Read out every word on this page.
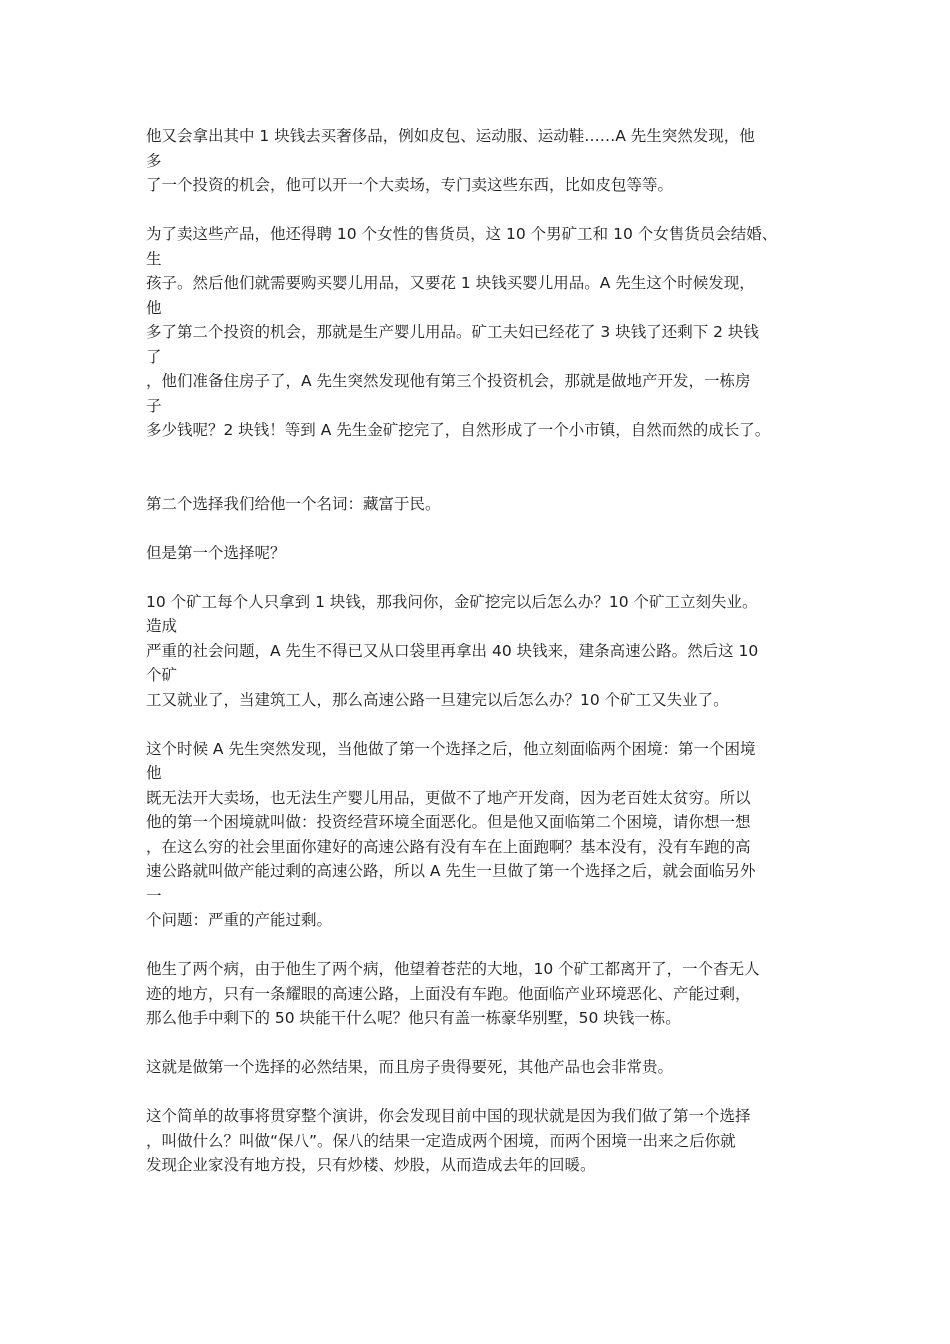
他又会拿出其中 1 块钱去买奢侈品，例如皮包、运动服、运动鞋……A 先生突然发现，他
多
了一个投资的机会，他可以开一个大卖场，专门卖这些东西，比如皮包等等。
为了卖这些产品，他还得聘 10 个女性的售货员，这 10 个男矿工和 10 个女售货员会结婚、
生
孩子。然后他们就需要购买婴儿用品，又要花 1 块钱买婴儿用品。A 先生这个时候发现，
他
多了第二个投资的机会，那就是生产婴儿用品。矿工夫妇已经花了 3 块钱了还剩下 2 块钱
了
，他们准备住房子了，A 先生突然发现他有第三个投资机会，那就是做地产开发，一栋房
子
多少钱呢？2 块钱！等到 A 先生金矿挖完了，自然形成了一个小市镇，自然而然的成长了。
第二个选择我们给他一个名词：藏富于民。
但是第一个选择呢？
10 个矿工每个人只拿到 1 块钱，那我问你，金矿挖完以后怎么办？10 个矿工立刻失业。
造成
严重的社会问题，A 先生不得已又从口袋里再拿出 40 块钱来，建条高速公路。然后这 10
个矿
工又就业了，当建筑工人，那么高速公路一旦建完以后怎么办？10 个矿工又失业了。
这个时候 A 先生突然发现，当他做了第一个选择之后，他立刻面临两个困境：第一个困境
他
既无法开大卖场，也无法生产婴儿用品，更做不了地产开发商，因为老百姓太贫穷。所以
他的第一个困境就叫做：投资经营环境全面恶化。但是他又面临第二个困境，请你想一想
，在这么穷的社会里面你建好的高速公路有没有车在上面跑啊？基本没有，没有车跑的高
速公路就叫做产能过剩的高速公路，所以 A 先生一旦做了第一个选择之后，就会面临另外
一
个问题：严重的产能过剩。
他生了两个病，由于他生了两个病，他望着苍茫的大地，10 个矿工都离开了，一个杳无人
迹的地方，只有一条耀眼的高速公路，上面没有车跑。他面临产业环境恶化、产能过剩，
那么他手中剩下的 50 块能干什么呢？他只有盖一栋豪华别墅，50 块钱一栋。
这就是做第一个选择的必然结果，而且房子贵得要死，其他产品也会非常贵。
这个简单的故事将贯穿整个演讲，你会发现目前中国的现状就是因为我们做了第一个选择
，叫做什么？叫做“保八”。保八的结果一定造成两个困境，而两个困境一出来之后你就
发现企业家没有地方投，只有炒楼、炒股，从而造成去年的回暖。
